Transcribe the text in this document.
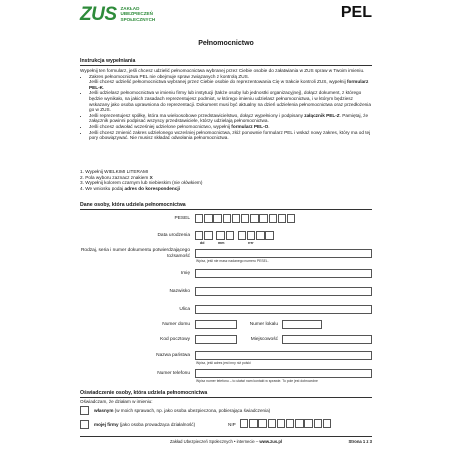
ZUS ZAKŁAD
UBEZPIECZEŃ
SPOŁECZNYCH	PEL
Pełnomocnictwo
Instrukcja wypełniania

Wypełnij ten formularz, jeśli chcesz udzielić pełnomocnictwa wybranej przez Ciebie osobie do załatwiania w ZUS spraw w Twoim imieniu.

• Zakres pełnomocnictwa PEL nie obejmuje spraw związanych z kontrolą ZUS.
Jeśli chcesz udzielić pełnomocnictwa wybranej przez Ciebie osobie do reprezentowania Cię w trakcie kontroli ZUS, wypełnij formularz PEL-K.
• Jeśli udzielasz pełnomocnictwa w imieniu firmy lub instytucji (także osoby lub jednostki organizacyjnej), dołącz dokument, z którego będzie wynikało, na jakich zasadach reprezentujesz podmiot, w którego imieniu udzielasz pełnomocnictwa, i w którym będziesz wskazany jako osoba uprawniona do reprezentacji. Dokument musi być aktualny na dzień udzielenia pełnomocnictwa oraz przedłożenia go w ZUS.
• Jeśli reprezentujesz spółkę, która ma wieloosobowe przedstawicielstwo, dołącz wypełniony i podpisany załącznik PEL-Z. Pamiętaj, że załącznik powinni podpisać wszyscy przedstawiciele, którzy udzielają pełnomocnictwa.
• Jeśli chcesz odwołać wcześniej udzielone pełnomocnictwo, wypełnij formularz PEL-O.
• Jeśli chcesz zmienić zakres udzielonego wcześniej pełnomocnictwa, złóż ponownie formularz PEL i wskaż nowy zakres, który ma od tej pory obowiązywać. Nie musisz składać odwołania pełnomocnictwa.

1. Wypełnij WIELKIMI LITERAMI

2. Pola wyboru zaznacz znakiem X

3. Wypełnij kolorem czarnym lub niebieskim (nie ołówkiem)

4. We wniosku podaj adres do korespondencji

Dane osoby, która udziela pełnomocnictwa
PESEL
Data urodzenia
dd	mm	rrrr
Rodzaj, seria i numer dokumentu potwierdzającego tożsamość
Wpisz, jeśli nie masz nadanego numeru PESEL.
Imię
Nazwisko
Ulica
Numer domu	Numer lokalu
Kod pocztowy	Miejscowość
Nazwa państwa
Wpisz, jeśli adres jest inny niż polski
Numer telefonu
Wpisz numer telefonu – to ułatwi nam kontakt w sprawie. To pole jest dobrowolne
Oświadczenie osoby, która udziela pełnomocnictwa
Oświadczam, że działam w imieniu:
własnym (w moich sprawach, np. jako osoba ubezpieczona, pobierająca świadczenia)
mojej firmy (jako osoba prowadząca działalność)	NIP
Zakład Ubezpieczeń Społecznych • internecie – www.zus.pl	Strona 1 z 3
